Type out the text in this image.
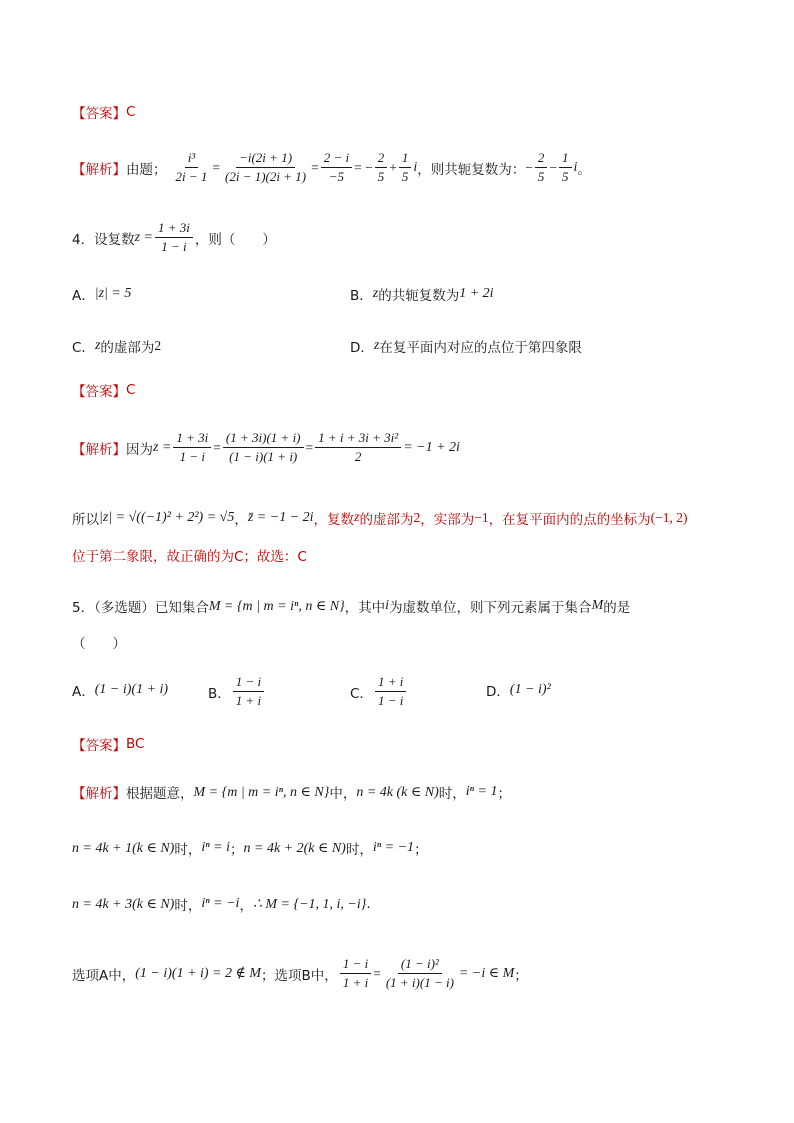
【答案】 C
【解析】 由题； $\frac{\text{i³}}{2i - 1} = \frac{-i(2i + 1)}{(2i - 1)(2i + 1)} = \frac{2 - i}{-5}$ = − $\frac{2}{5} + \frac{1}{5}$ i ，则共轭复数为： − $\frac{2}{5} - \frac{1}{5}$ i 。
4．设复数 $z = \frac{1 + 3i}{1 - i}$ ，则（　　）
A． |z| = 5	B． z 的共轭复数为 1 + 2i
C． z 的虚部为 2	D． z 在复平面内对应的点位于第四象限
【答案】 C
【解析】 因为 $z = \frac{1 + 3i}{1 - i} = \frac{(1 + 3i)(1 + i)}{(1 - i)(1 + i)} = \frac{\text{1 + i + 3i + 3i²}}{2} = -1 + 2i$
所以 |z| = √((−1)² + 2²) = √5 ， z̄ = −1 − 2i ，复数 z 的虚部为 2 ，实部为 −1 ，在复平面内的点的坐标为 (−1, 2)
位于第二象限，故正确的为C；故选：C
5．（多选题）已知集合 M = {m | m = iⁿ, n ∈ N} ，其中 i 为虚数单位，则下列元素属于集合 M 的是
（　　）
A． (1 − i)(1 + i)	B． $\frac{1 - i}{1 + i}$	C． $\frac{1 + i}{1 - i}$	D． (1 − i)²
【答案】 BC
【解析】 根据题意， M = {m | m = iⁿ, n ∈ N} 中， n = 4k (k ∈ N) 时， iⁿ = 1 ；
n = 4k + 1(k ∈ N) 时， iⁿ = i ； n = 4k + 2(k ∈ N) 时， iⁿ = −1 ；
n = 4k + 3(k ∈ N) 时， iⁿ = −i ， ∴ M = {−1, 1, i, −i} .
选项A中， (1 − i)(1 + i) = 2 ∉ M ；选项B中， $\frac{1 - i}{1 + i} = \frac{\text{(1 − i)²}}{(1 + i)(1 - i)} = -i$ ∈ M ；
